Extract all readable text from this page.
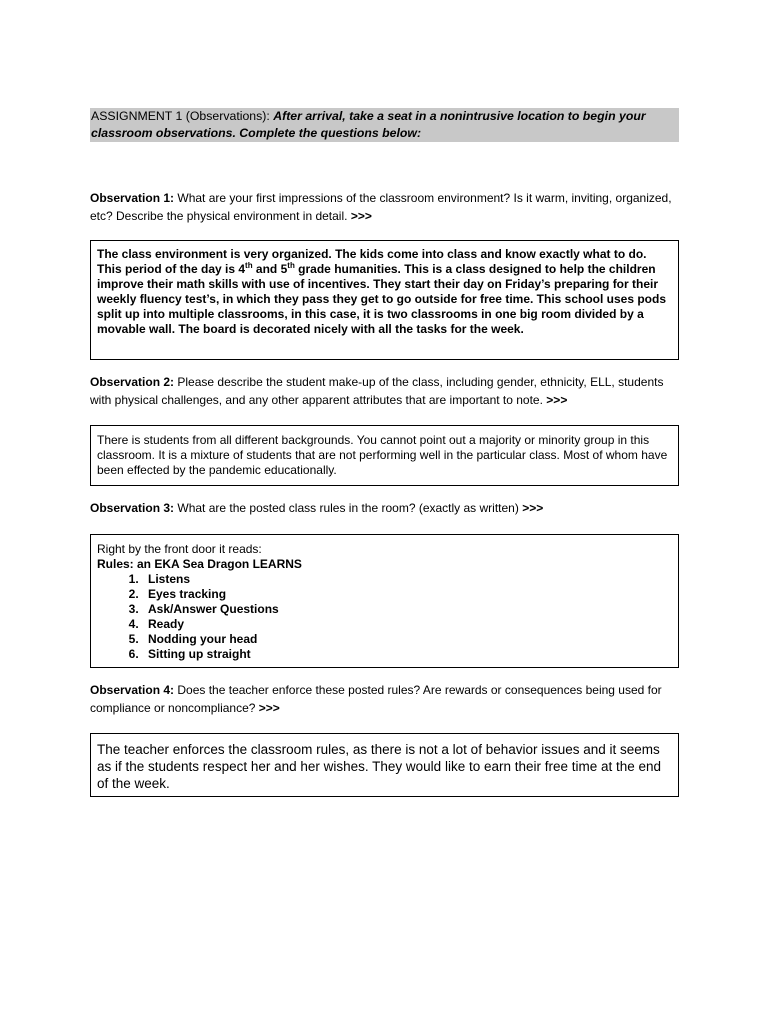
ASSIGNMENT 1 (Observations): After arrival, take a seat in a nonintrusive location to begin your classroom observations. Complete the questions below:
Observation 1: What are your first impressions of the classroom environment? Is it warm, inviting, organized, etc? Describe the physical environment in detail. >>>
The class environment is very organized. The kids come into class and know exactly what to do. This period of the day is 4th and 5th grade humanities. This is a class designed to help the children improve their math skills with use of incentives. They start their day on Friday’s preparing for their weekly fluency test’s, in which they pass they get to go outside for free time. This school uses pods split up into multiple classrooms, in this case, it is two classrooms in one big room divided by a movable wall. The board is decorated nicely with all the tasks for the week.
Observation 2: Please describe the student make-up of the class, including gender, ethnicity, ELL, students with physical challenges, and any other apparent attributes that are important to note. >>>
There is students from all different backgrounds. You cannot point out a majority or minority group in this classroom. It is a mixture of students that are not performing well in the particular class. Most of whom have been effected by the pandemic educationally.
Observation 3: What are the posted class rules in the room? (exactly as written) >>>
Right by the front door it reads:
Rules: an EKA Sea Dragon LEARNS
1. Listens
2. Eyes tracking
3. Ask/Answer Questions
4. Ready
5. Nodding your head
6. Sitting up straight
Observation 4: Does the teacher enforce these posted rules? Are rewards or consequences being used for compliance or noncompliance? >>>
The teacher enforces the classroom rules, as there is not a lot of behavior issues and it seems as if the students respect her and her wishes. They would like to earn their free time at the end of the week.
